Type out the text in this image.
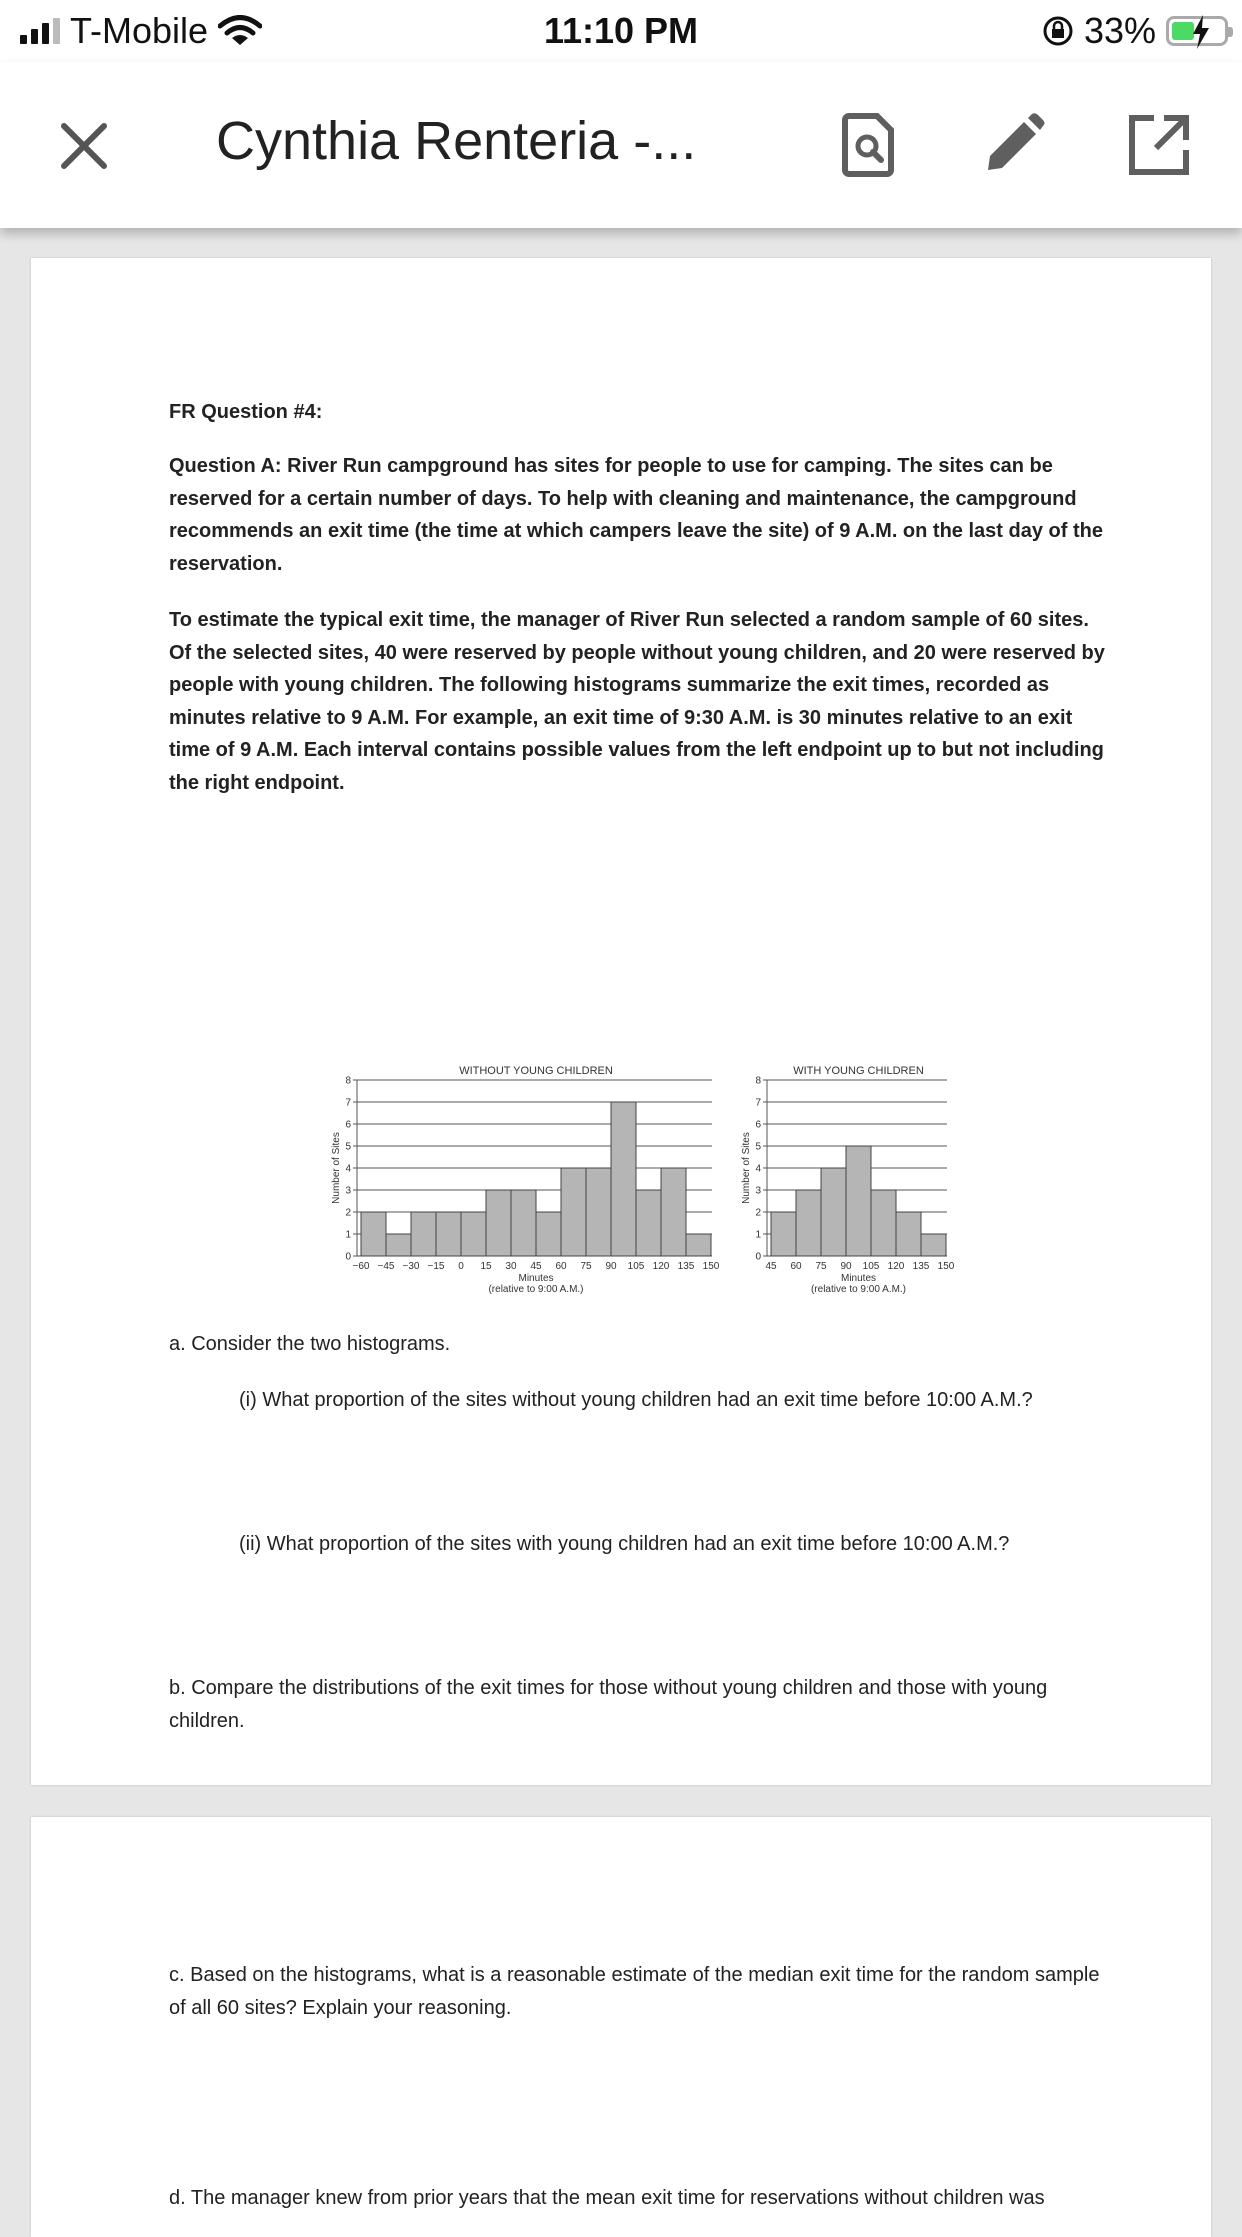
T-Mobile	11:10 PM	33%
Cynthia Renteria -...

FR Question #4:

Question A: River Run campground has sites for people to use for camping. The sites can be reserved for a certain number of days. To help with cleaning and maintenance, the campground recommends an exit time (the time at which campers leave the site) of 9 A.M. on the last day of the reservation.

To estimate the typical exit time, the manager of River Run selected a random sample of 60 sites. Of the selected sites, 40 were reserved by people without young children, and 20 were reserved by people with young children. The following histograms summarize the exit times, recorded as minutes relative to 9 A.M. For example, an exit time of 9:30 A.M. is 30 minutes relative to an exit time of 9 A.M. Each interval contains possible values from the left endpoint up to but not including the right endpoint.

0
1
2
3
4
5
6
7
8
−60 −45 −30 −15 0 15 30 45 60 75 90 105 120 135 150
WITHOUT YOUNG CHILDREN
Minutes
(relative to 9:00 A.M.)
Number of Sites
0
1
2
3
4
5
6
7
8
45 60 75 90 105 120 135 150
WITH YOUNG CHILDREN
Minutes
(relative to 9:00 A.M.)
Number of Sites

a. Consider the two histograms.

(i) What proportion of the sites without young children had an exit time before 10:00 A.M.?

(ii) What proportion of the sites with young children had an exit time before 10:00 A.M.?

b. Compare the distributions of the exit times for those without young children and those with young children.

c. Based on the histograms, what is a reasonable estimate of the median exit time for the random sample of all 60 sites? Explain your reasoning.

d. The manager knew from prior years that the mean exit time for reservations without children was
